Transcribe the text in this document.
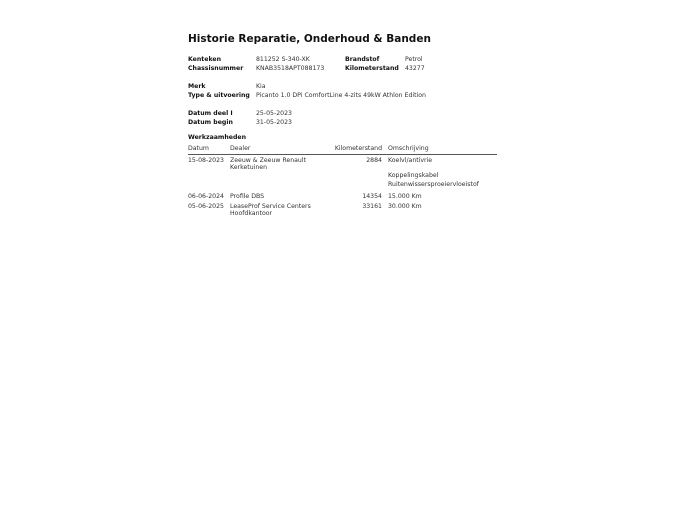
Historie Reparatie, Onderhoud & Banden
Kenteken	811252 S-340-XK	Brandstof	Petrol
Chassisnummer KNAB3518APT088173	Kilometerstand 43277
Merk	Kia
Type & uitvoering Picanto 1.0 DPi ComfortLine 4-zits 49kW Athlon Edition
Datum deel I	25-05-2023
Datum begin	31-05-2023
Werkzaamheden
Datum	Dealer	Kilometerstand Omschrijving
15-08-2023 Zeeuw & Zeeuw Renault
Kerketuinen
2884 Koelvl/antivrie
Koppelingskabel
Ruitenwissersproeiervloeistof
06-06-2024 Profile DBS	14354 15.000 Km
05-06-2025 LeaseProf Service Centers
Hoofdkantoor
33161 30.000 Km
